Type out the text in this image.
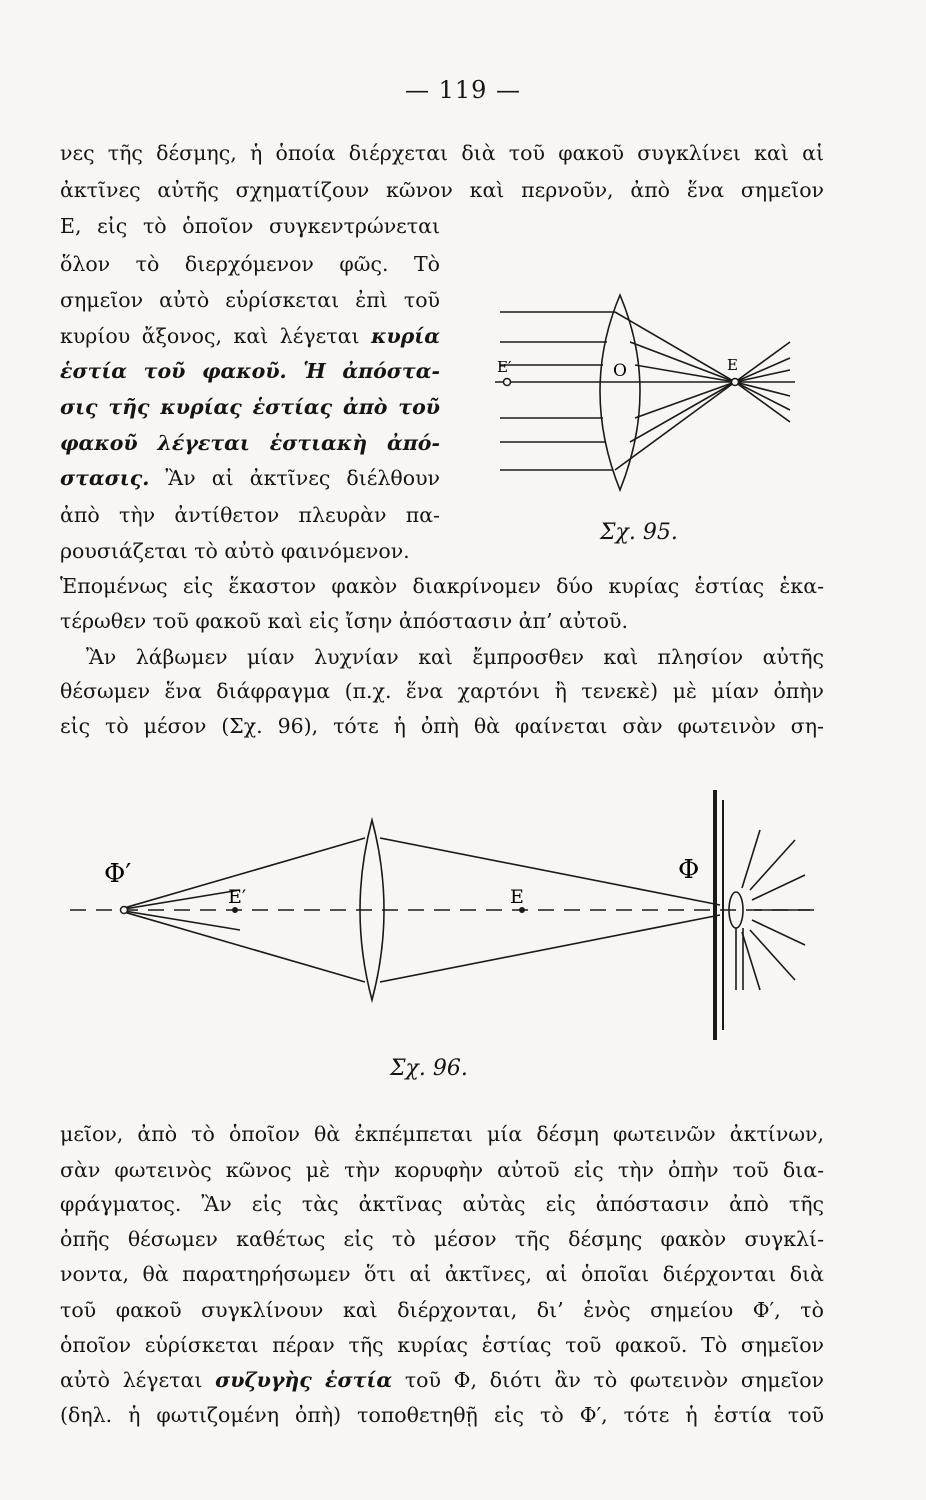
— 119 —
νες τῆς δέσμης, ἡ ὁποία διέρχεται διὰ τοῦ φακοῦ συγκλίνει καὶ αἱ
ἀκτῖνες αὐτῆς σχηματίζουν κῶνον καὶ περνοῦν, ἀπὸ ἕνα σημεῖον
Ε, εἰς τὸ ὁποῖον συγκεντρώνεται
ὅλον τὸ διερχόμενον φῶς. Τὸ
σημεῖον αὐτὸ εὑρίσκεται ἐπὶ τοῦ
κυρίου ἄξονος, καὶ λέγεται κυρία
ἑστία τοῦ φακοῦ. Ἡ ἀπόστα-
σις τῆς κυρίας ἑστίας ἀπὸ τοῦ
φακοῦ λέγεται ἑστιακὴ ἀπό-
στασις. Ἂν αἱ ἀκτῖνες διέλθουν
ἀπὸ τὴν ἀντίθετον πλευρὰν πα-
ρουσιάζεται τὸ αὐτὸ φαινόμενον.
Ἑπομένως εἰς ἕκαστον φακὸν διακρίνομεν δύο κυρίας ἑστίας ἑκα-
τέρωθεν τοῦ φακοῦ καὶ εἰς ἴσην ἀπόστασιν ἀπ’ αὐτοῦ.
Ἂν λάβωμεν μίαν λυχνίαν καὶ ἔμπροσθεν καὶ πλησίον αὐτῆς
θέσωμεν ἕνα διάφραγμα (π.χ. ἕνα χαρτόνι ἢ τενεκὲ) μὲ μίαν ὀπὴν
εἰς τὸ μέσον (Σχ. 96), τότε ἡ ὀπὴ θὰ φαίνεται σὰν φωτεινὸν ση-
E′	O	E
Σχ. 95.
Φ′
E′	E
Φ
Σχ. 96.
μεῖον, ἀπὸ τὸ ὁποῖον θὰ ἐκπέμπεται μία δέσμη φωτεινῶν ἀκτίνων,
σὰν φωτεινὸς κῶνος μὲ τὴν κορυφὴν αὐτοῦ εἰς τὴν ὀπὴν τοῦ δια-
φράγματος. Ἂν εἰς τὰς ἀκτῖνας αὐτὰς εἰς ἀπόστασιν ἀπὸ τῆς
ὀπῆς θέσωμεν καθέτως εἰς τὸ μέσον τῆς δέσμης φακὸν συγκλί-
νοντα, θὰ παρατηρήσωμεν ὅτι αἱ ἀκτῖνες, αἱ ὁποῖαι διέρχονται διὰ
τοῦ φακοῦ συγκλίνουν καὶ διέρχονται, δι’ ἑνὸς σημείου Φ′, τὸ
ὁποῖον εὑρίσκεται πέραν τῆς κυρίας ἑστίας τοῦ φακοῦ. Τὸ σημεῖον
αὐτὸ λέγεται συζυγὴς ἑστία τοῦ Φ, διότι ἂν τὸ φωτεινὸν σημεῖον
(δηλ. ἡ φωτιζομένη ὀπὴ) τοποθετηθῇ εἰς τὸ Φ′, τότε ἡ ἑστία τοῦ
